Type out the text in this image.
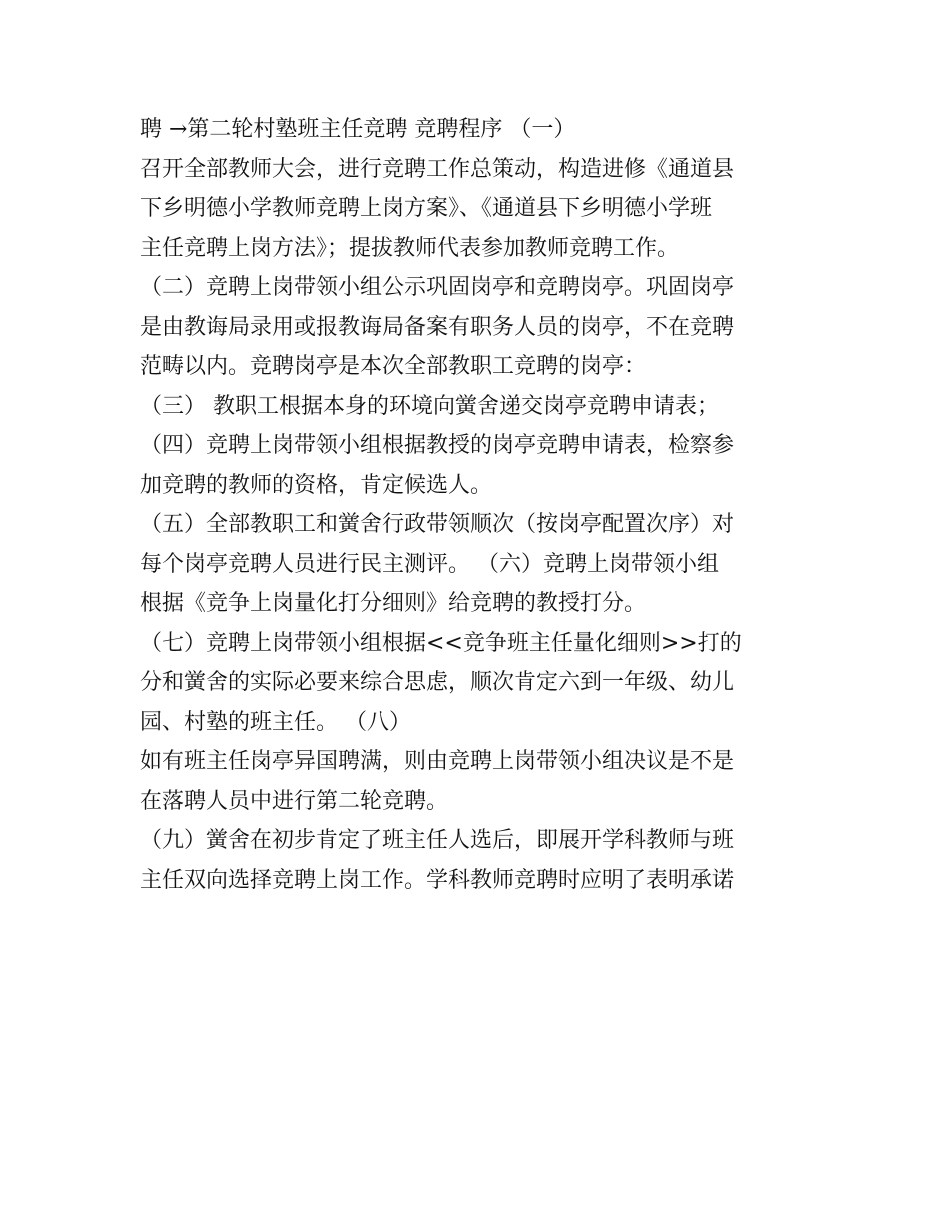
聘 →第二轮村塾班主任竞聘 竞聘程序 （一）
召开全部教师大会，进行竞聘工作总策动，构造进修《通道县
下乡明德小学教师竞聘上岗方案》、《通道县下乡明德小学班
主任竞聘上岗方法》；提拔教师代表参加教师竞聘工作。
（二）竞聘上岗带领小组公示巩固岗亭和竞聘岗亭。巩固岗亭
是由教诲局录用或报教诲局备案有职务人员的岗亭，不在竞聘
范畴以内。竞聘岗亭是本次全部教职工竞聘的岗亭：
（三） 教职工根据本身的环境向黉舍递交岗亭竞聘申请表；
（四）竞聘上岗带领小组根据教授的岗亭竞聘申请表，检察参
加竞聘的教师的资格，肯定候选人。
（五）全部教职工和黉舍行政带领顺次（按岗亭配置次序）对
每个岗亭竞聘人员进行民主测评。 （六）竞聘上岗带领小组
根据《竞争上岗量化打分细则》给竞聘的教授打分。
（七）竞聘上岗带领小组根据<<竞争班主任量化细则>>打的
分和黉舍的实际必要来综合思虑，顺次肯定六到一年级、幼儿
园、村塾的班主任。 （八）
如有班主任岗亭异国聘满，则由竞聘上岗带领小组决议是不是
在落聘人员中进行第二轮竞聘。
（九）黉舍在初步肯定了班主任人选后，即展开学科教师与班
主任双向选择竞聘上岗工作。学科教师竞聘时应明了表明承诺
